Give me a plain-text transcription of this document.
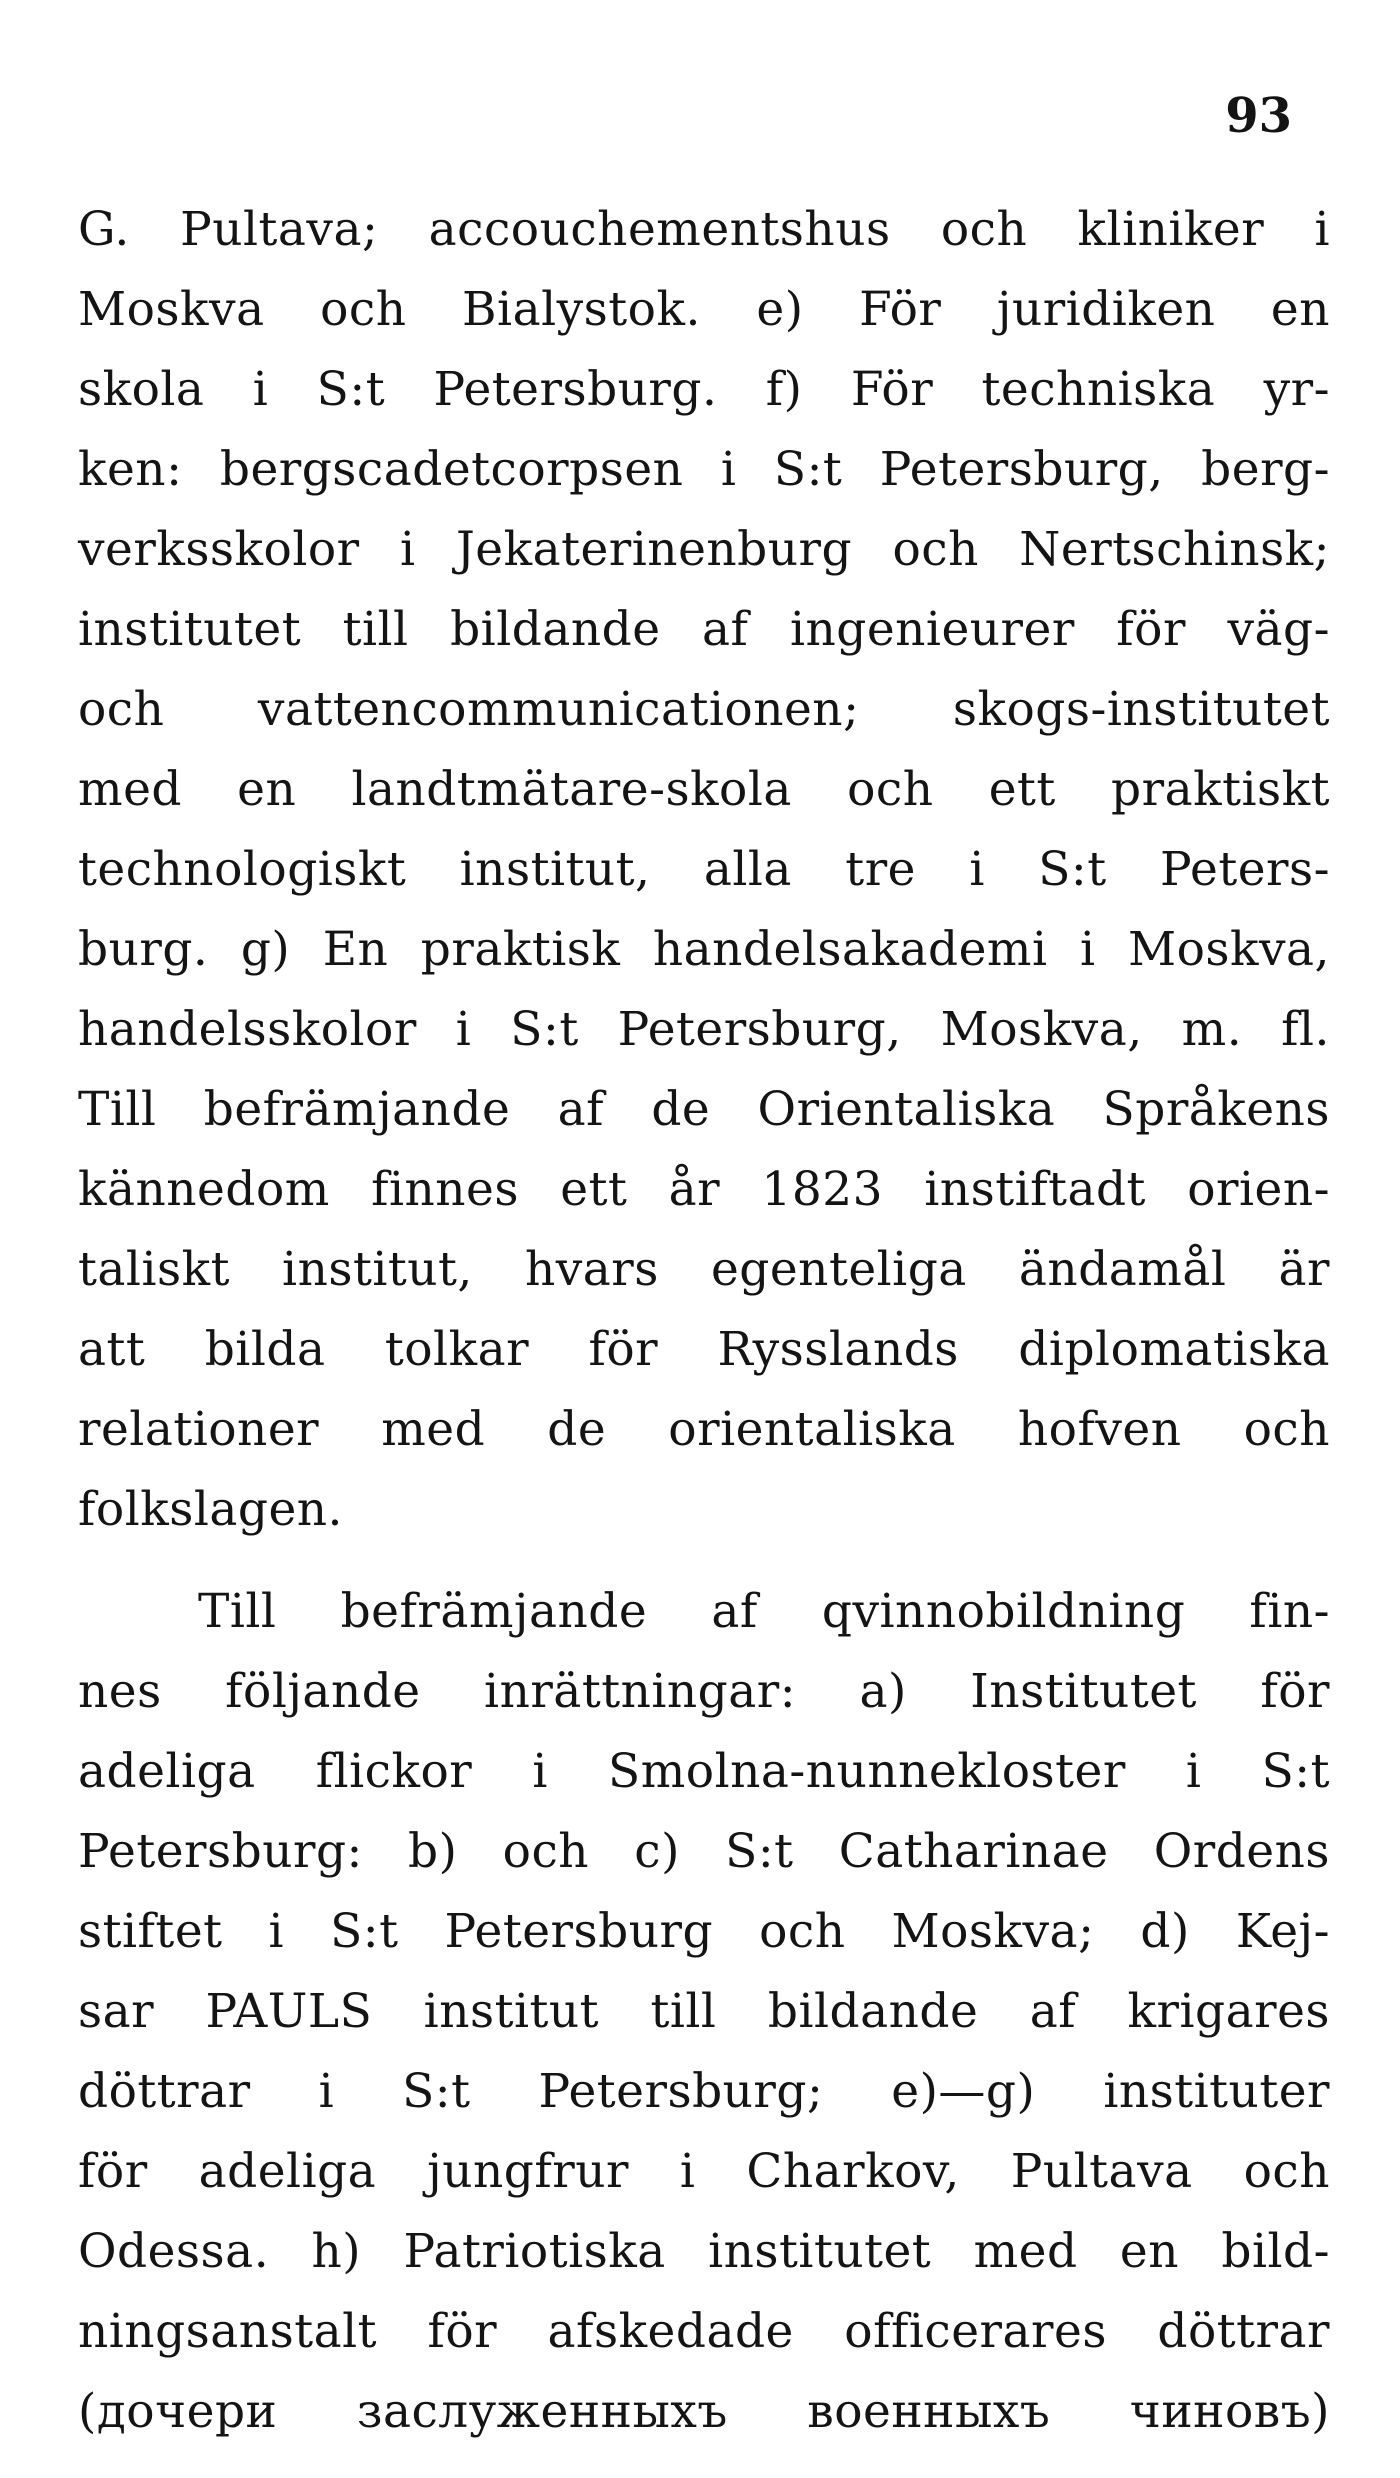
93

G. Pultava; accouchementshus och kliniker i
Moskva och Bialystok. e) För juridiken en
skola i S:t Petersburg. f) För techniska yr-
ken: bergscadetcorpsen i S:t Petersburg, berg-
verksskolor i Jekaterinenburg och Nertschinsk;
institutet till bildande af ingenieurer för väg-
och vattencommunicationen; skogs-institutet
med en landtmätare-skola och ett praktiskt
technologiskt institut, alla tre i S:t Peters-
burg. g) En praktisk handelsakademi i Moskva,
handelsskolor i S:t Petersburg, Moskva, m. fl.
Till befrämjande af de Orientaliska Språkens
kännedom finnes ett år 1823 instiftadt orien-
taliskt institut, hvars egenteliga ändamål är
att bilda tolkar för Rysslands diplomatiska
relationer med de orientaliska hofven och
folkslagen.

Till befrämjande af qvinnobildning fin-
nes följande inrättningar: a) Institutet för
adeliga flickor i Smolna-nunnekloster i S:t
Petersburg: b) och c) S:t Catharinae Ordens
stiftet i S:t Petersburg och Moskva; d) Kej-
sar PAULS institut till bildande af krigares
döttrar i S:t Petersburg; e)—g) instituter
för adeliga jungfrur i Charkov, Pultava och
Odessa. h) Patriotiska institutet med en bild-
ningsanstalt för afskedade officerares döttrar
(дочери заслуженныхъ военныхъ чиновъ)
